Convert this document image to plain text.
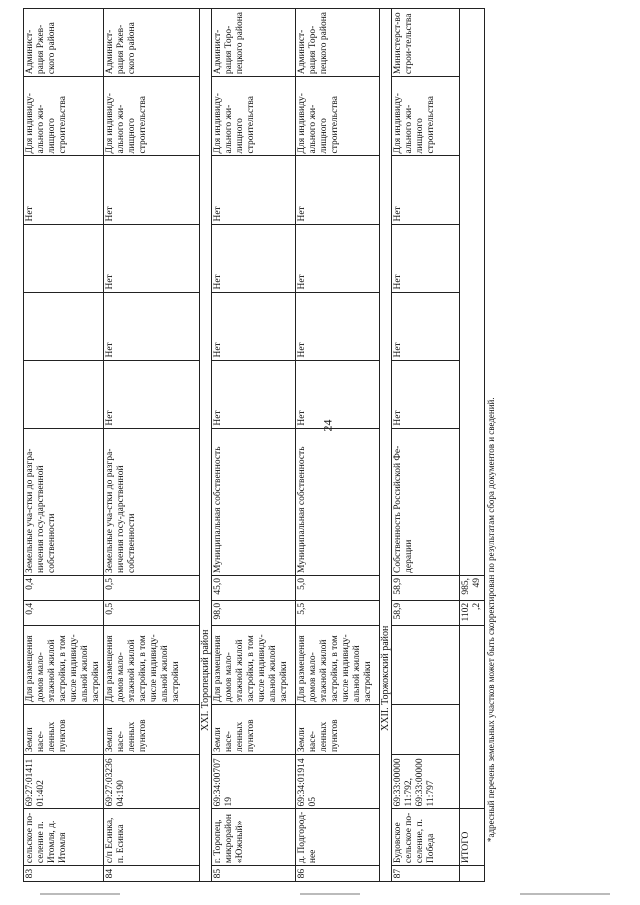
24
83	сельское по-селение п. Итомля, д. Итомля	69:27:0141101:402	Земли насе-ленных пунктов	Для размещения домов мало-этажной жилой застройки, в том числе индивиду-альной жилой застройки	0,4	0,4	Земельные уча-стки до разгра-ничения госу-дарственной собственности				Нет	Для индивиду-ального жи-лищного строительства	Админист-рация Ржев-ского района
84	с/п Есинка, п. Есинка	69:27:0323604:190	Земли насе-ленных пунктов	Для размещения домов мало-этажной жилой застройки, в том числе индивиду-альной жилой застройки	0,5	0,5	Земельные уча-стки до разгра-ничения госу-дарственной собственности	Нет	Нет	Нет	Нет	Для индивиду-ального жи-лищного строительства	Админист-рация Ржев-ского района
XXI. Торопецкий район													
85	г. Торопец, микрорайон «Южный»	69:34:0070719	Земли насе-ленных пунктов	Для размещения домов мало-этажной жилой застройки, в том числе индивиду-альной жилой застройки	98,0	45,0	Муниципальная собственность	Нет	Нет	Нет	Нет	Для индивиду-ального жи-лищного строительства	Админист-рация Торо-пецкого района
86	д. Подгород-нее	69:34:0191405	Земли насе-ленных пунктов	Для размещения домов мало-этажной жилой застройки, в том числе индивиду-альной жилой застройки	5,5	5,0	Муниципальная собственность	Нет	Нет	Нет	Нет	Для индивиду-ального жи-лищного строительства	Админист-рация Торо-пецкого района
XXII. Торжокский район													
87	Будовское сельское по-селение, п. Победа	69:33:0000011:792, 69:33:0000011:797			58,9	58,9	Собственность Российской Фе-дерации	Нет	Нет	Нет	Нет	Для индивиду-ального жи-лищного строительства	Министерст-во строи-тельства
	ИТОГО				1102,2	985,49							*адресный перечень земельных участков может быть скорректирован по результатам сбора документов и сведений.
